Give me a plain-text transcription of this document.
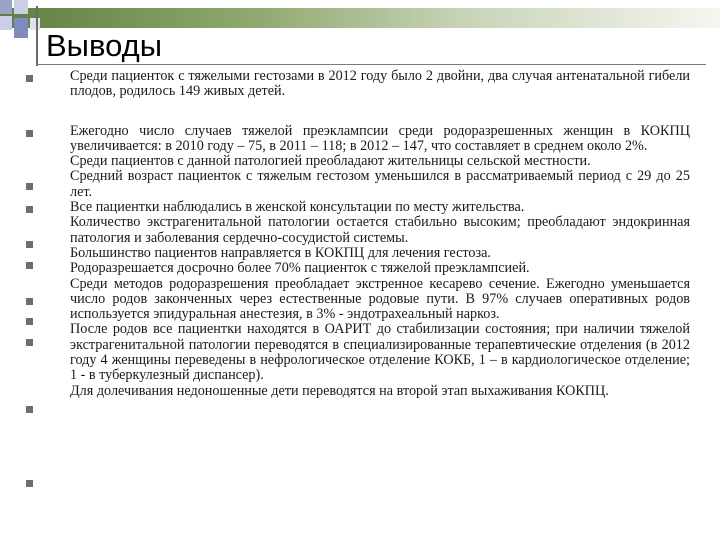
Выводы

Среди пациенток с тяжелыми гестозами в 2012 году было 2 двойни, два случая антенатальной гибели плодов, родилось 149 живых детей.

Ежегодно число случаев тяжелой преэклампсии среди родоразрешенных женщин в КОКПЦ увеличивается: в 2010 году – 75, в 2011 – 118; в 2012 – 147, что составляет в среднем около 2%.

Среди пациентов с данной патологией преобладают жительницы сельской местности.

Средний возраст пациенток с тяжелым гестозом уменьшился в рассматриваемый период с 29 до 25 лет.

Все пациентки наблюдались в женской консультации по месту жительства.

Количество экстрагенитальной патологии остается стабильно высоким; преобладают эндокринная патология и заболевания сердечно-сосудистой системы.

Большинство пациентов направляется в КОКПЦ для лечения гестоза.

Родоразрешается досрочно более 70% пациенток с тяжелой преэклампсией.

Среди методов родоразрешения преобладает экстренное кесарево сечение. Ежегодно уменьшается число родов законченных через естественные родовые пути. В 97% случаев оперативных родов используется эпидуральная анестезия, в 3% - эндотрахеальный наркоз.

После родов все пациентки находятся в ОАРИТ до стабилизации состояния; при наличии тяжелой экстрагенитальной патологии переводятся в специализированные терапевтические отделения (в 2012 году 4 женщины переведены в нефрологическое отделение КОКБ, 1 – в кардиологическое отделение; 1 - в туберкулезный диспансер).

Для долечивания недоношенные дети переводятся на второй этап выхаживания КОКПЦ.
